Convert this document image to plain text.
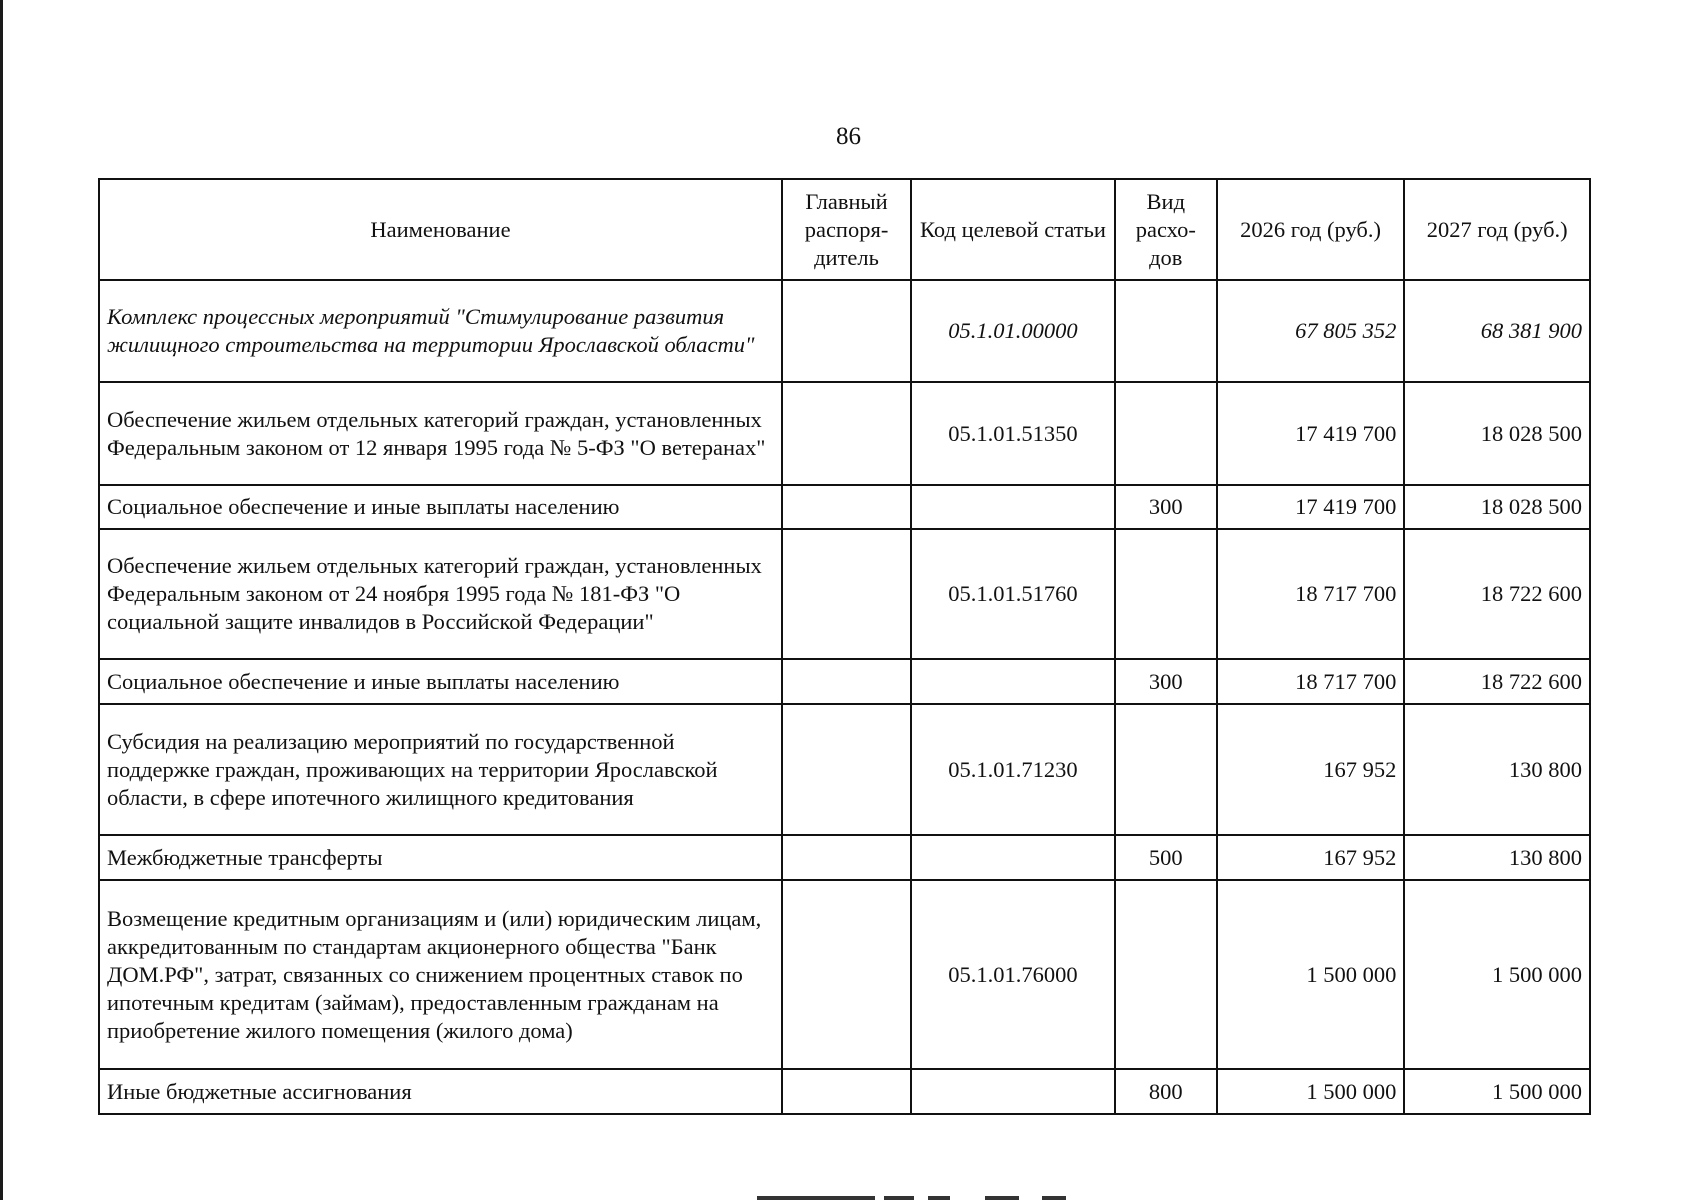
86
Наименование	Главный распоря-дитель	Код целевой статьи	Вид расхо-дов	2026 год (руб.)	2027 год (руб.)
Комплекс процессных мероприятий "Стимулирование развития жилищного строительства на территории Ярославской области"		05.1.01.00000		67 805 352	68 381 900
Обеспечение жильем отдельных категорий граждан, установленных Федеральным законом от 12 января 1995 года № 5-ФЗ "О ветеранах"		05.1.01.51350		17 419 700	18 028 500
Социальное обеспечение и иные выплаты населению			300	17 419 700	18 028 500
Обеспечение жильем отдельных категорий граждан, установленных Федеральным законом от 24 ноября 1995 года № 181-ФЗ "О социальной защите инвалидов в Российской Федерации"		05.1.01.51760		18 717 700	18 722 600
Социальное обеспечение и иные выплаты населению			300	18 717 700	18 722 600
Субсидия на реализацию мероприятий по государственной поддержке граждан, проживающих на территории Ярославской области, в сфере ипотечного жилищного кредитования		05.1.01.71230		167 952	130 800
Межбюджетные трансферты			500	167 952	130 800
Возмещение кредитным организациям и (или) юридическим лицам, аккредитованным по стандартам акционерного общества "Банк ДОМ.РФ", затрат, связанных со снижением процентных ставок по ипотечным кредитам (займам), предоставленным гражданам на приобретение жилого помещения (жилого дома)		05.1.01.76000		1 500 000	1 500 000
Иные бюджетные ассигнования			800	1 500 000	1 500 000
